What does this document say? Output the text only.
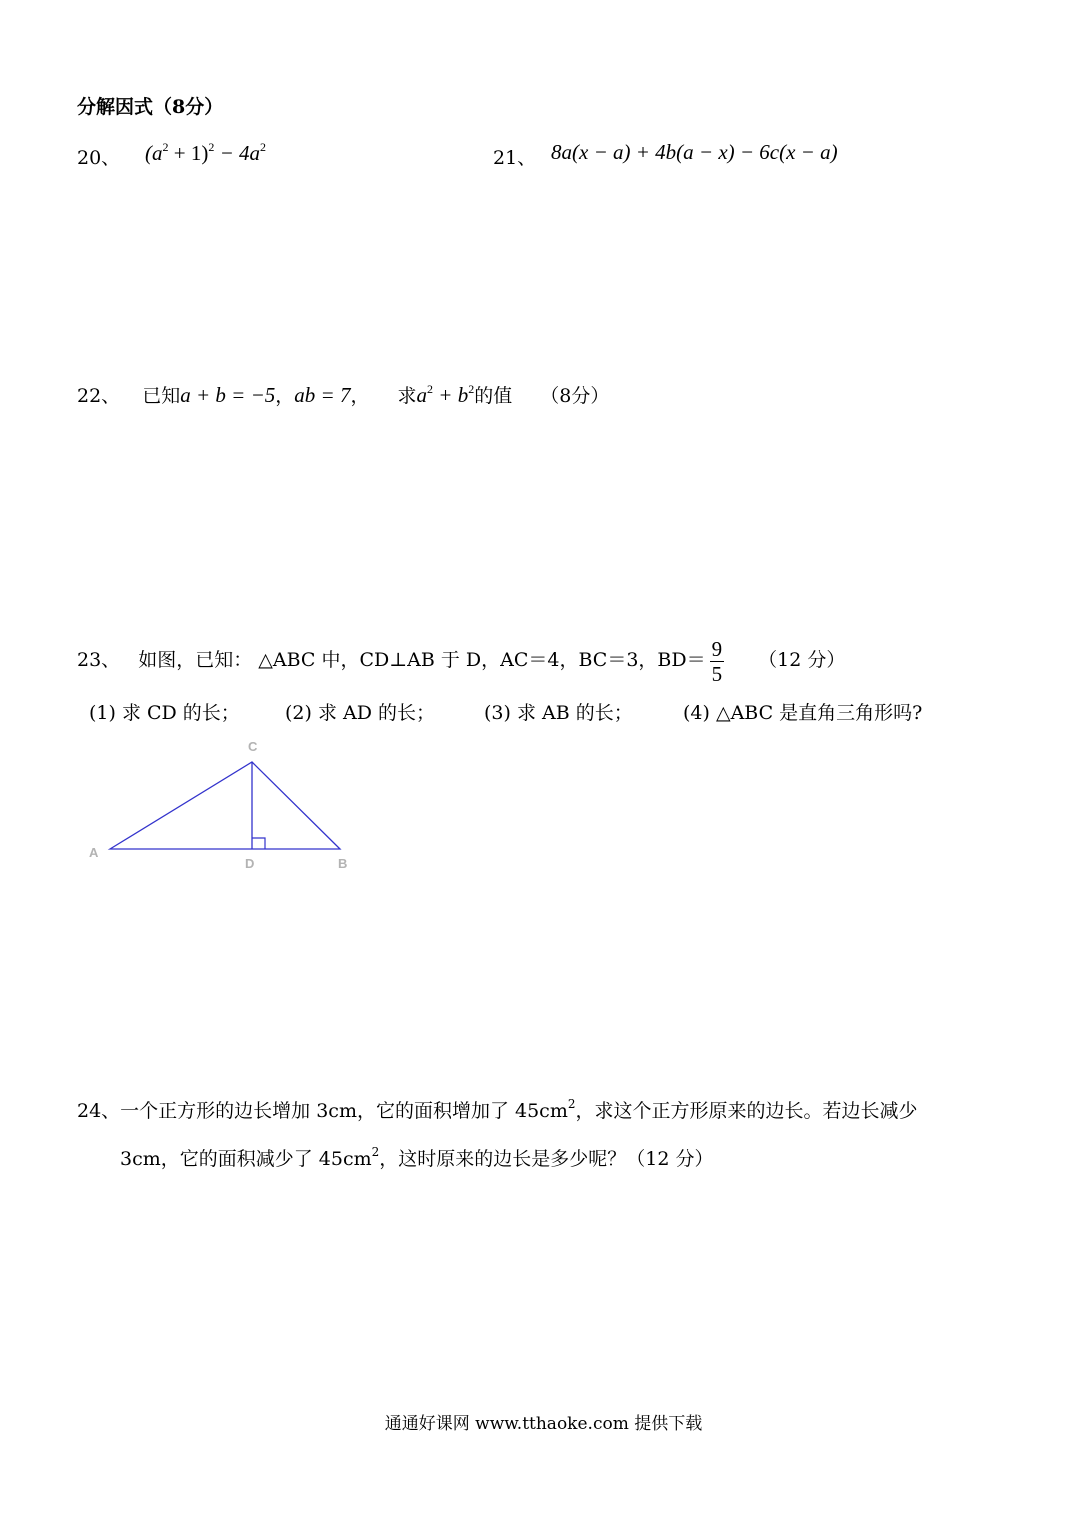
分解因式（8分）
20、 $(a^2 + 1)^2 - 4a^2$	21、 8a(x − a) + 4b(a − x) − 6c(x − a)
22、 已知a + b = −5，ab = 7， 求$a^2 + b^2$的值 （8分）
23、 如图，已知： △ABC 中，CD⊥AB 于 D，AC＝4，BC＝3，$BD= \frac{9}{5} (12$ 分）
(1) 求 CD 的长； (2) 求 AD 的长；	(3) 求 AB 的长；	(4) △ABC 是直角三角形吗?
A
C
D	B
24、一个正方形的边长增加 3cm，它的面积增加了 $45cm^2$，求这个正方形原来的边长。若边长减少
3cm，它的面积减少了 $45cm^2$，这时原来的边长是多少呢？（12 分）
通通好课网 www.tthaoke.com 提供下载
